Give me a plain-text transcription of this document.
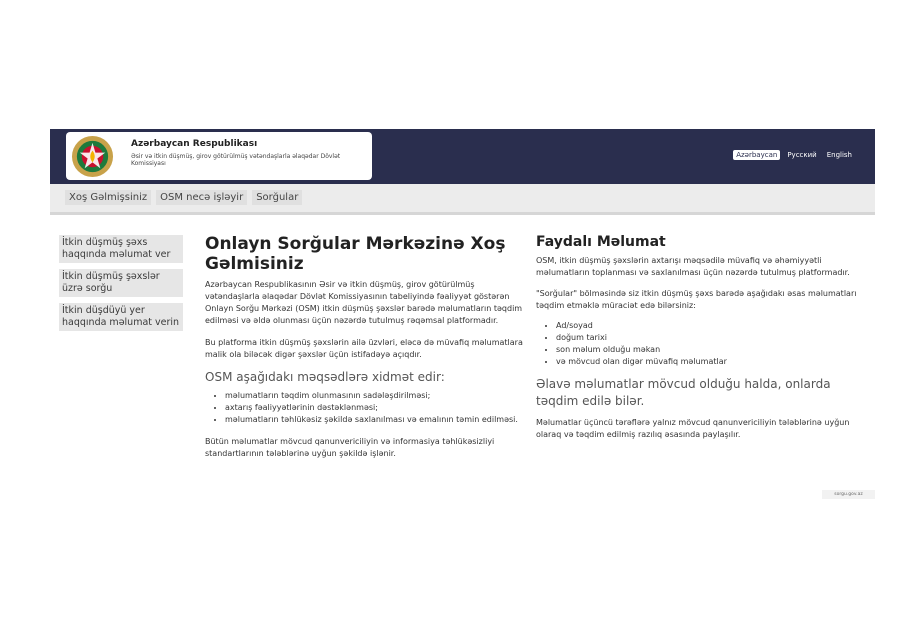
Azərbaycan Respublikası
Əsir və itkin düşmüş, girov götürülmüş vətəndaşlarla əlaqədar Dövlət Komissiyası
Azərbaycan	Русский	English
Xoş Gəlmişsiniz	OSM necə işləyir	Sorğular
İtkin düşmüş şəxs haqqında məlumat ver
İtkin düşmüş şəxslər üzrə sorğu
İtkin düşdüyü yer haqqında məlumat verin
Onlayn Sorğular Mərkəzinə Xoş Gəlmisiniz

Azərbaycan Respublikasının Əsir və itkin düşmüş, girov götürülmüş vətəndaşlarla əlaqədar Dövlət Komissiyasının tabeliyində fəaliyyət göstərən Onlayn Sorğu Mərkəzi (OSM) itkin düşmüş şəxslər barədə məlumatların təqdim edilməsi və əldə olunması üçün nəzərdə tutulmuş rəqəmsal platformadır.

Bu platforma itkin düşmüş şəxslərin ailə üzvləri, eləcə də müvafiq məlumatlara malik ola biləcək digər şəxslər üçün istifadəyə açıqdır.

OSM aşağıdakı məqsədlərə xidmət edir:

• məlumatların təqdim olunmasının sadələşdirilməsi;
• axtarış fəaliyyətlərinin dəstəklənməsi;
• məlumatların təhlükəsiz şəkildə saxlanılması və emalının təmin edilməsi.

Bütün məlumatlar mövcud qanunvericiliyin və informasiya təhlükəsizliyi standartlarının tələblərinə uyğun şəkildə işlənir.

Faydalı Məlumat

OSM, itkin düşmüş şəxslərin axtarışı məqsədilə müvafiq və əhəmiyyətli məlumatların toplanması və saxlanılması üçün nəzərdə tutulmuş platformadır.

"Sorğular" bölməsində siz itkin düşmüş şəxs barədə aşağıdakı əsas məlumatları təqdim etməklə müraciət edə bilərsiniz:

• Ad/soyad
• doğum tarixi
• son məlum olduğu məkan
• və mövcud olan digər müvafiq məlumatlar

Əlavə məlumatlar mövcud olduğu halda, onlarda təqdim edilə bilər.

Məlumatlar üçüncü tərəflərə yalnız mövcud qanunvericiliyin tələblərinə uyğun olaraq və təqdim edilmiş razılıq əsasında paylaşılır.

sorgu.gov.az
